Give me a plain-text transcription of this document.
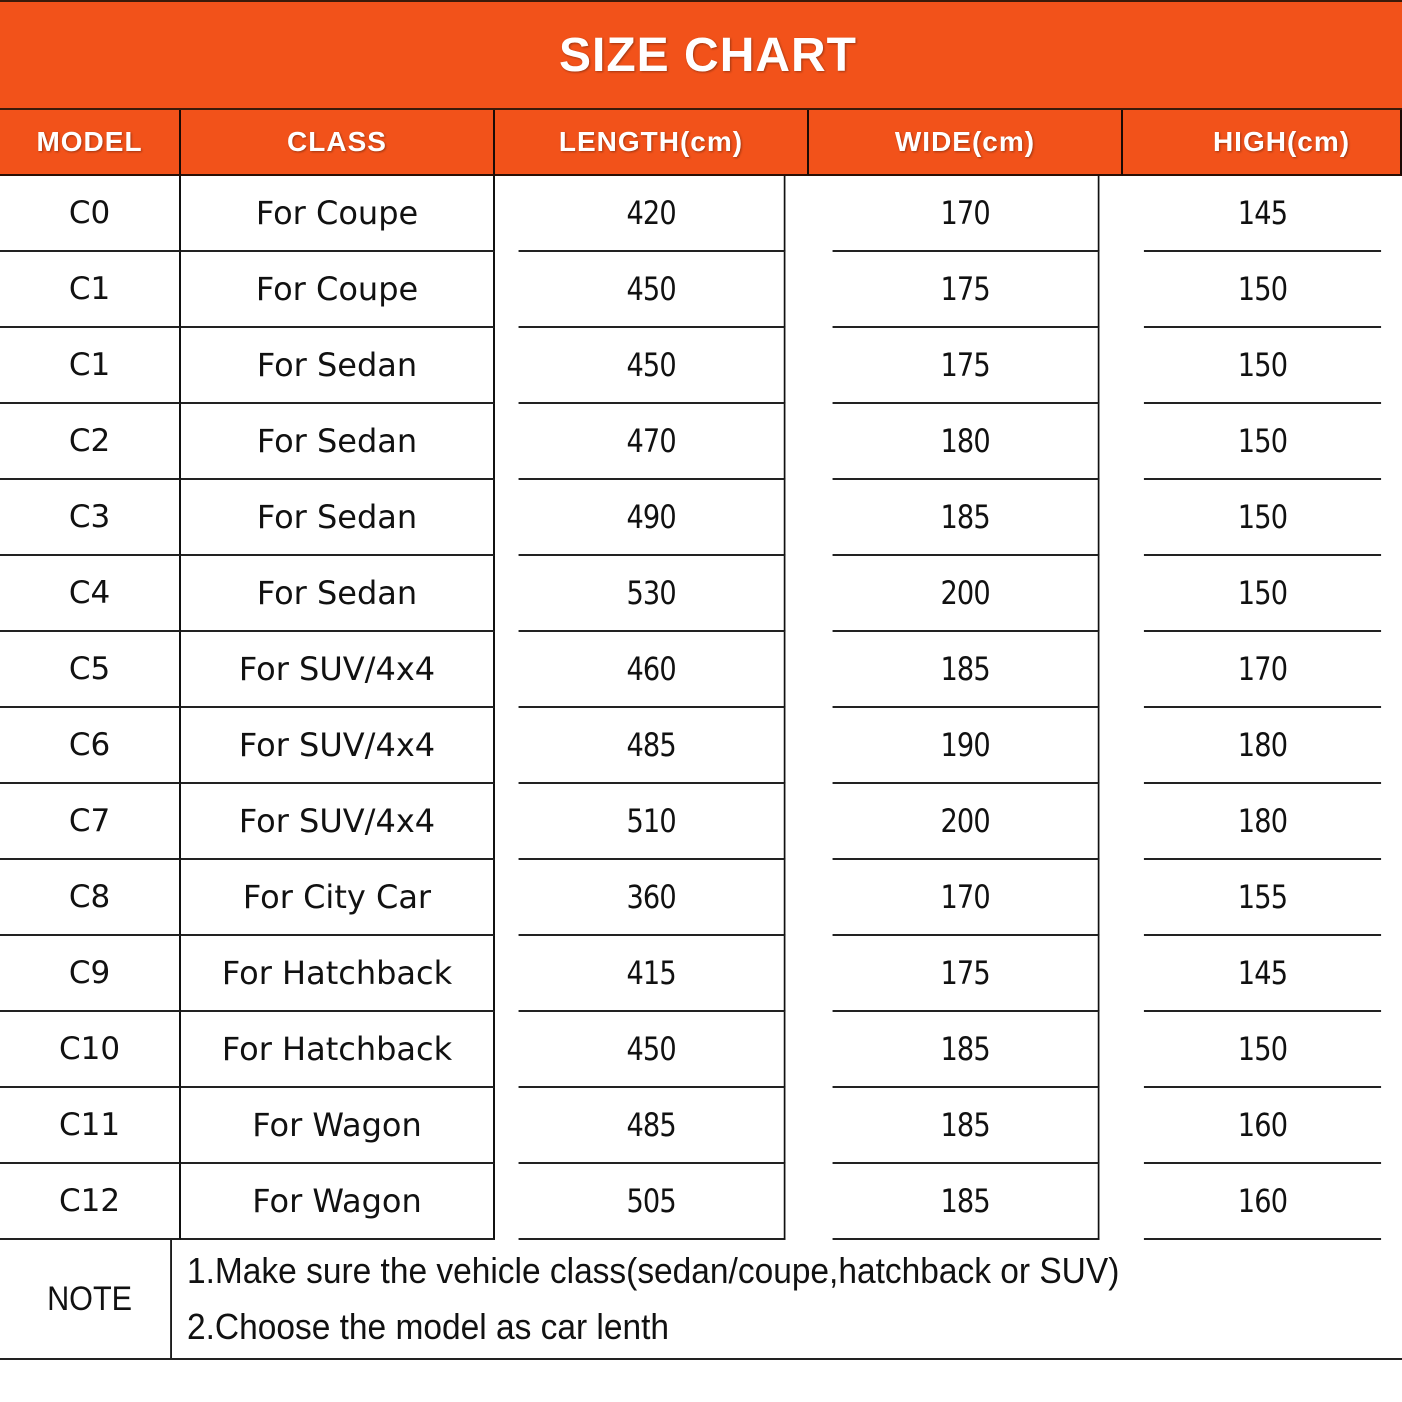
SIZE CHART
MODEL	CLASS	LENGTH(cm)	WIDE(cm)	HIGH(cm)
C0	For Coupe	420	170	145
C1	For Coupe	450	175	150
C1	For Sedan	450	175	150
C2	For Sedan	470	180	150
C3	For Sedan	490	185	150
C4	For Sedan	530	200	150
C5	For SUV/4x4	460	185	170
C6	For SUV/4x4	485	190	180
C7	For SUV/4x4	510	200	180
C8	For City Car	360	170	155
C9	For Hatchback	415	175	145
C10	For Hatchback	450	185	150
C11	For Wagon	485	185	160
C12	For Wagon	505	185	160
NOTE
1.Make sure the vehicle class(sedan/coupe,hatchback or SUV)
2.Choose the model as car lenth
